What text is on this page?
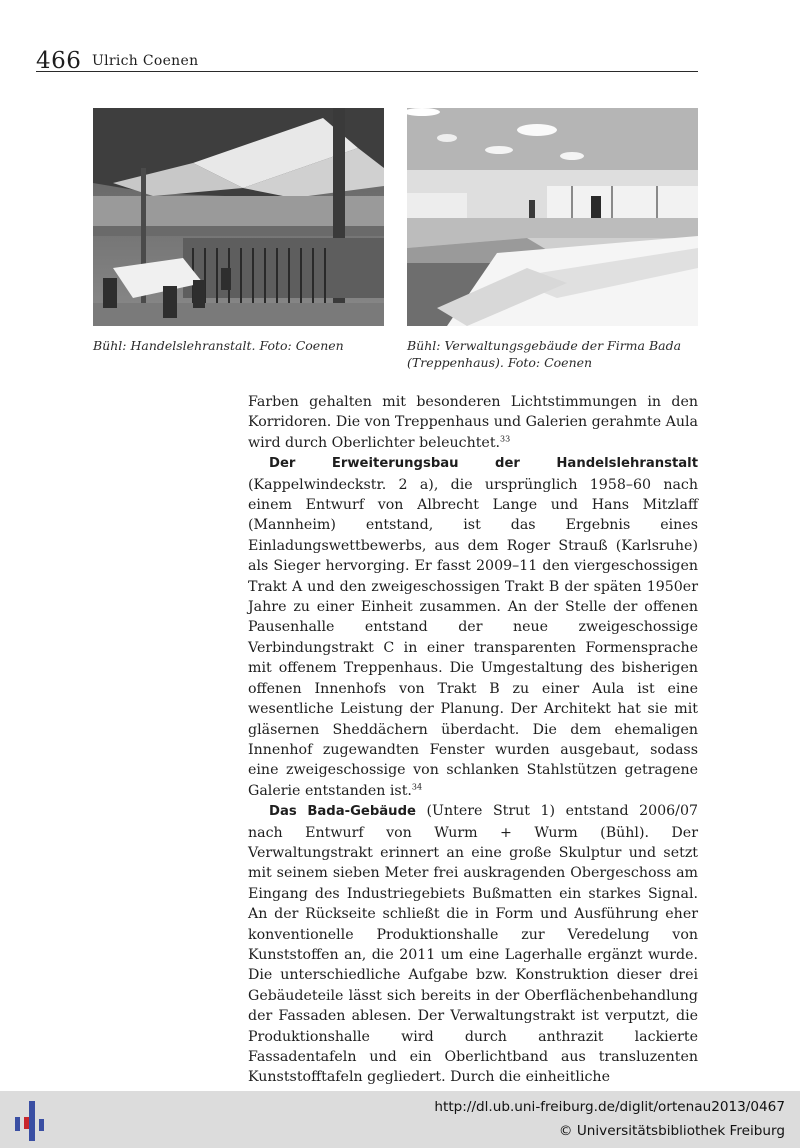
466 Ulrich Coenen
Bühl: Handelslehranstalt. Foto: Coenen	Bühl: Verwaltungsgebäude der Firma Bada (Treppenhaus). Foto: Coenen

Farben gehalten mit besonderen Lichtstimmungen in den Korridoren. Die von Treppenhaus und Galerien gerahmte Aula wird durch Oberlichter beleuchtet.$^{33}$

Der Erweiterungsbau der Handelslehranstalt (Kappelwindeckstr. 2 a), die ursprünglich 1958–60 nach einem Entwurf von Albrecht Lange und Hans Mitzlaff (Mannheim) entstand, ist das Ergebnis eines Einladungswettbewerbs, aus dem Roger Strauß (Karlsruhe) als Sieger hervorging. Er fasst 2009–11 den viergeschossigen Trakt A und den zweigeschossigen Trakt B der späten 1950er Jahre zu einer Einheit zusammen. An der Stelle der offenen Pausenhalle entstand der neue zweigeschossige Verbindungstrakt C in einer transparenten Formensprache mit offenem Treppenhaus. Die Umgestaltung des bisherigen offenen Innenhofs von Trakt B zu einer Aula ist eine wesentliche Leistung der Planung. Der Architekt hat sie mit gläsernen Sheddächern überdacht. Die dem ehemaligen Innenhof zugewandten Fenster wurden ausgebaut, sodass eine zweigeschossige von schlanken Stahlstützen getragene Galerie entstanden ist.$^{34}$

Das Bada-Gebäude (Untere Strut 1) entstand 2006/07 nach Entwurf von Wurm + Wurm (Bühl). Der Verwaltungstrakt erinnert an eine große Skulptur und setzt mit seinem sieben Meter frei auskragenden Obergeschoss am Eingang des Industriegebiets Bußmatten ein starkes Signal. An der Rückseite schließt die in Form und Ausführung eher konventionelle Produktionshalle zur Veredelung von Kunststoffen an, die 2011 um eine Lagerhalle ergänzt wurde. Die unterschiedliche Aufgabe bzw. Konstruktion dieser drei Gebäudeteile lässt sich bereits in der Oberflächenbehandlung der Fassaden ablesen. Der Verwaltungstrakt ist verputzt, die Produktionshalle wird durch anthrazit lackierte Fassadentafeln und ein Oberlichtband aus transluzenten Kunststofftafeln gegliedert. Durch die einheitliche

http://dl.ub.uni-freiburg.de/diglit/ortenau2013/0467
© Universitätsbibliothek Freiburg
